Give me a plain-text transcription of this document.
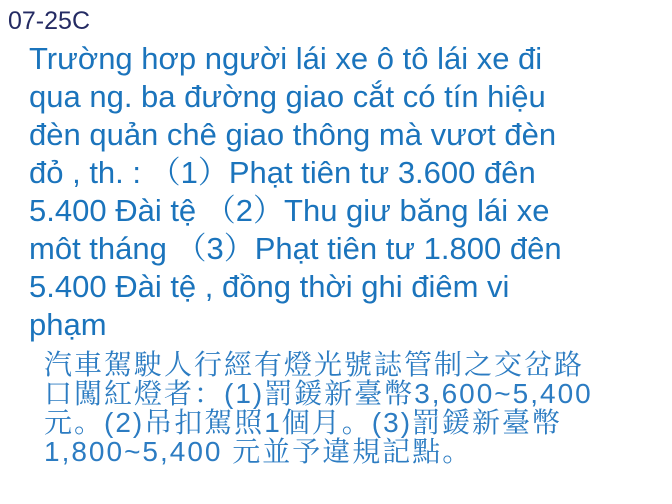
07-25C
Trường hơp người lái xe ô tô lái xe đi
qua ng. ba đường giao cắt có tín hiệu
đèn quản chê giao thông mà vươt đèn
đỏ , th. : （1）Phạt tiên tư 3.600 đên
5.400 Đài tệ （2）Thu giư băng lái xe
môt tháng （3）Phạt tiên tư 1.800 đên
5.400 Đài tệ , đồng thời ghi điêm vi
phạm
汽車駕駛人行經有燈光號誌管制之交岔路
口闖紅燈者：(1)罰鍰新臺幣3,600~5,400
元。(2)吊扣駕照1個月。(3)罰鍰新臺幣
1,800~5,400 元並予違規記點。
